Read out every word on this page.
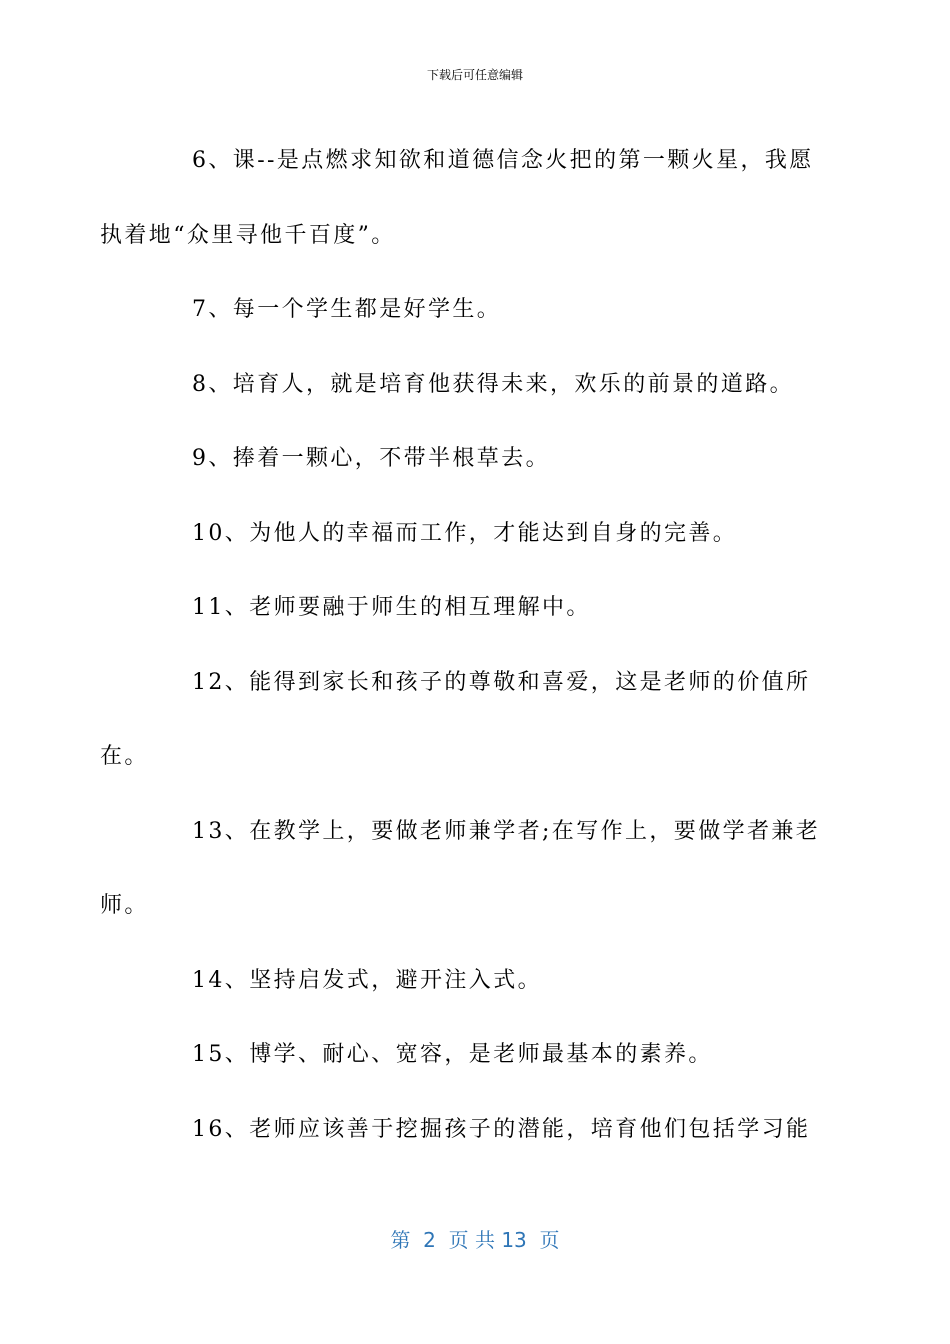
下载后可任意编辑

6、课--是点燃求知欲和道德信念火把的第一颗火星，我愿
执着地“众里寻他千百度”。

7、每一个学生都是好学生。

8、培育人，就是培育他获得未来，欢乐的前景的道路。

9、捧着一颗心，不带半根草去。

10、为他人的幸福而工作，才能达到自身的完善。

11、老师要融于师生的相互理解中。

12、能得到家长和孩子的尊敬和喜爱，这是老师的价值所
在。

13、在教学上，要做老师兼学者;在写作上，要做学者兼老
师。

14、坚持启发式，避开注入式。

15、博学、耐心、宽容，是老师最基本的素养。

16、老师应该善于挖掘孩子的潜能，培育他们包括学习能

第  2  页 共 13  页
